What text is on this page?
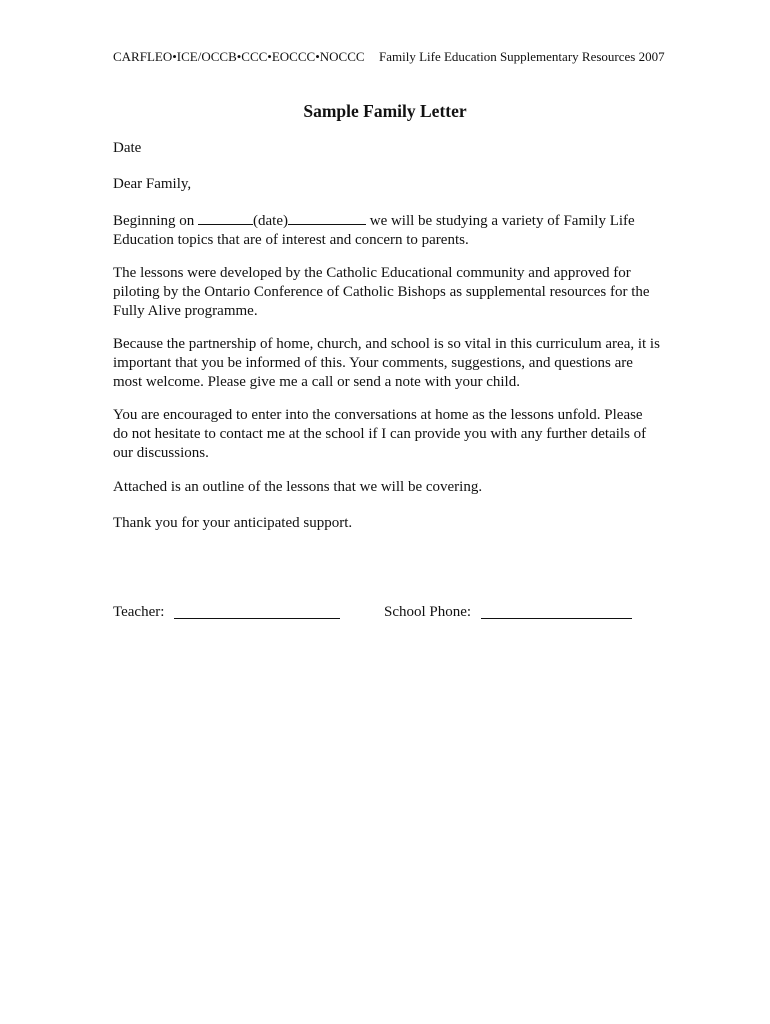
CARFLEO•ICE/OCCB•CCC•EOCCC•NOCCC Family Life Education Supplementary Resources 2007
Sample Family Letter
Date
Dear Family,
Beginning on	(date)	we will be studying a variety of Family Life Education topics that are of interest and concern to parents.
The lessons were developed by the Catholic Educational community and approved for piloting by the Ontario Conference of Catholic Bishops as supplemental resources for the Fully Alive programme.
Because the partnership of home, church, and school is so vital in this curriculum area, it is important that you be informed of this. Your comments, suggestions, and questions are most welcome. Please give me a call or send a note with your child.
You are encouraged to enter into the conversations at home as the lessons unfold. Please do not hesitate to contact me at the school if I can provide you with any further details of our discussions.
Attached is an outline of the lessons that we will be covering.
Thank you for your anticipated support.
Teacher:	School Phone:
